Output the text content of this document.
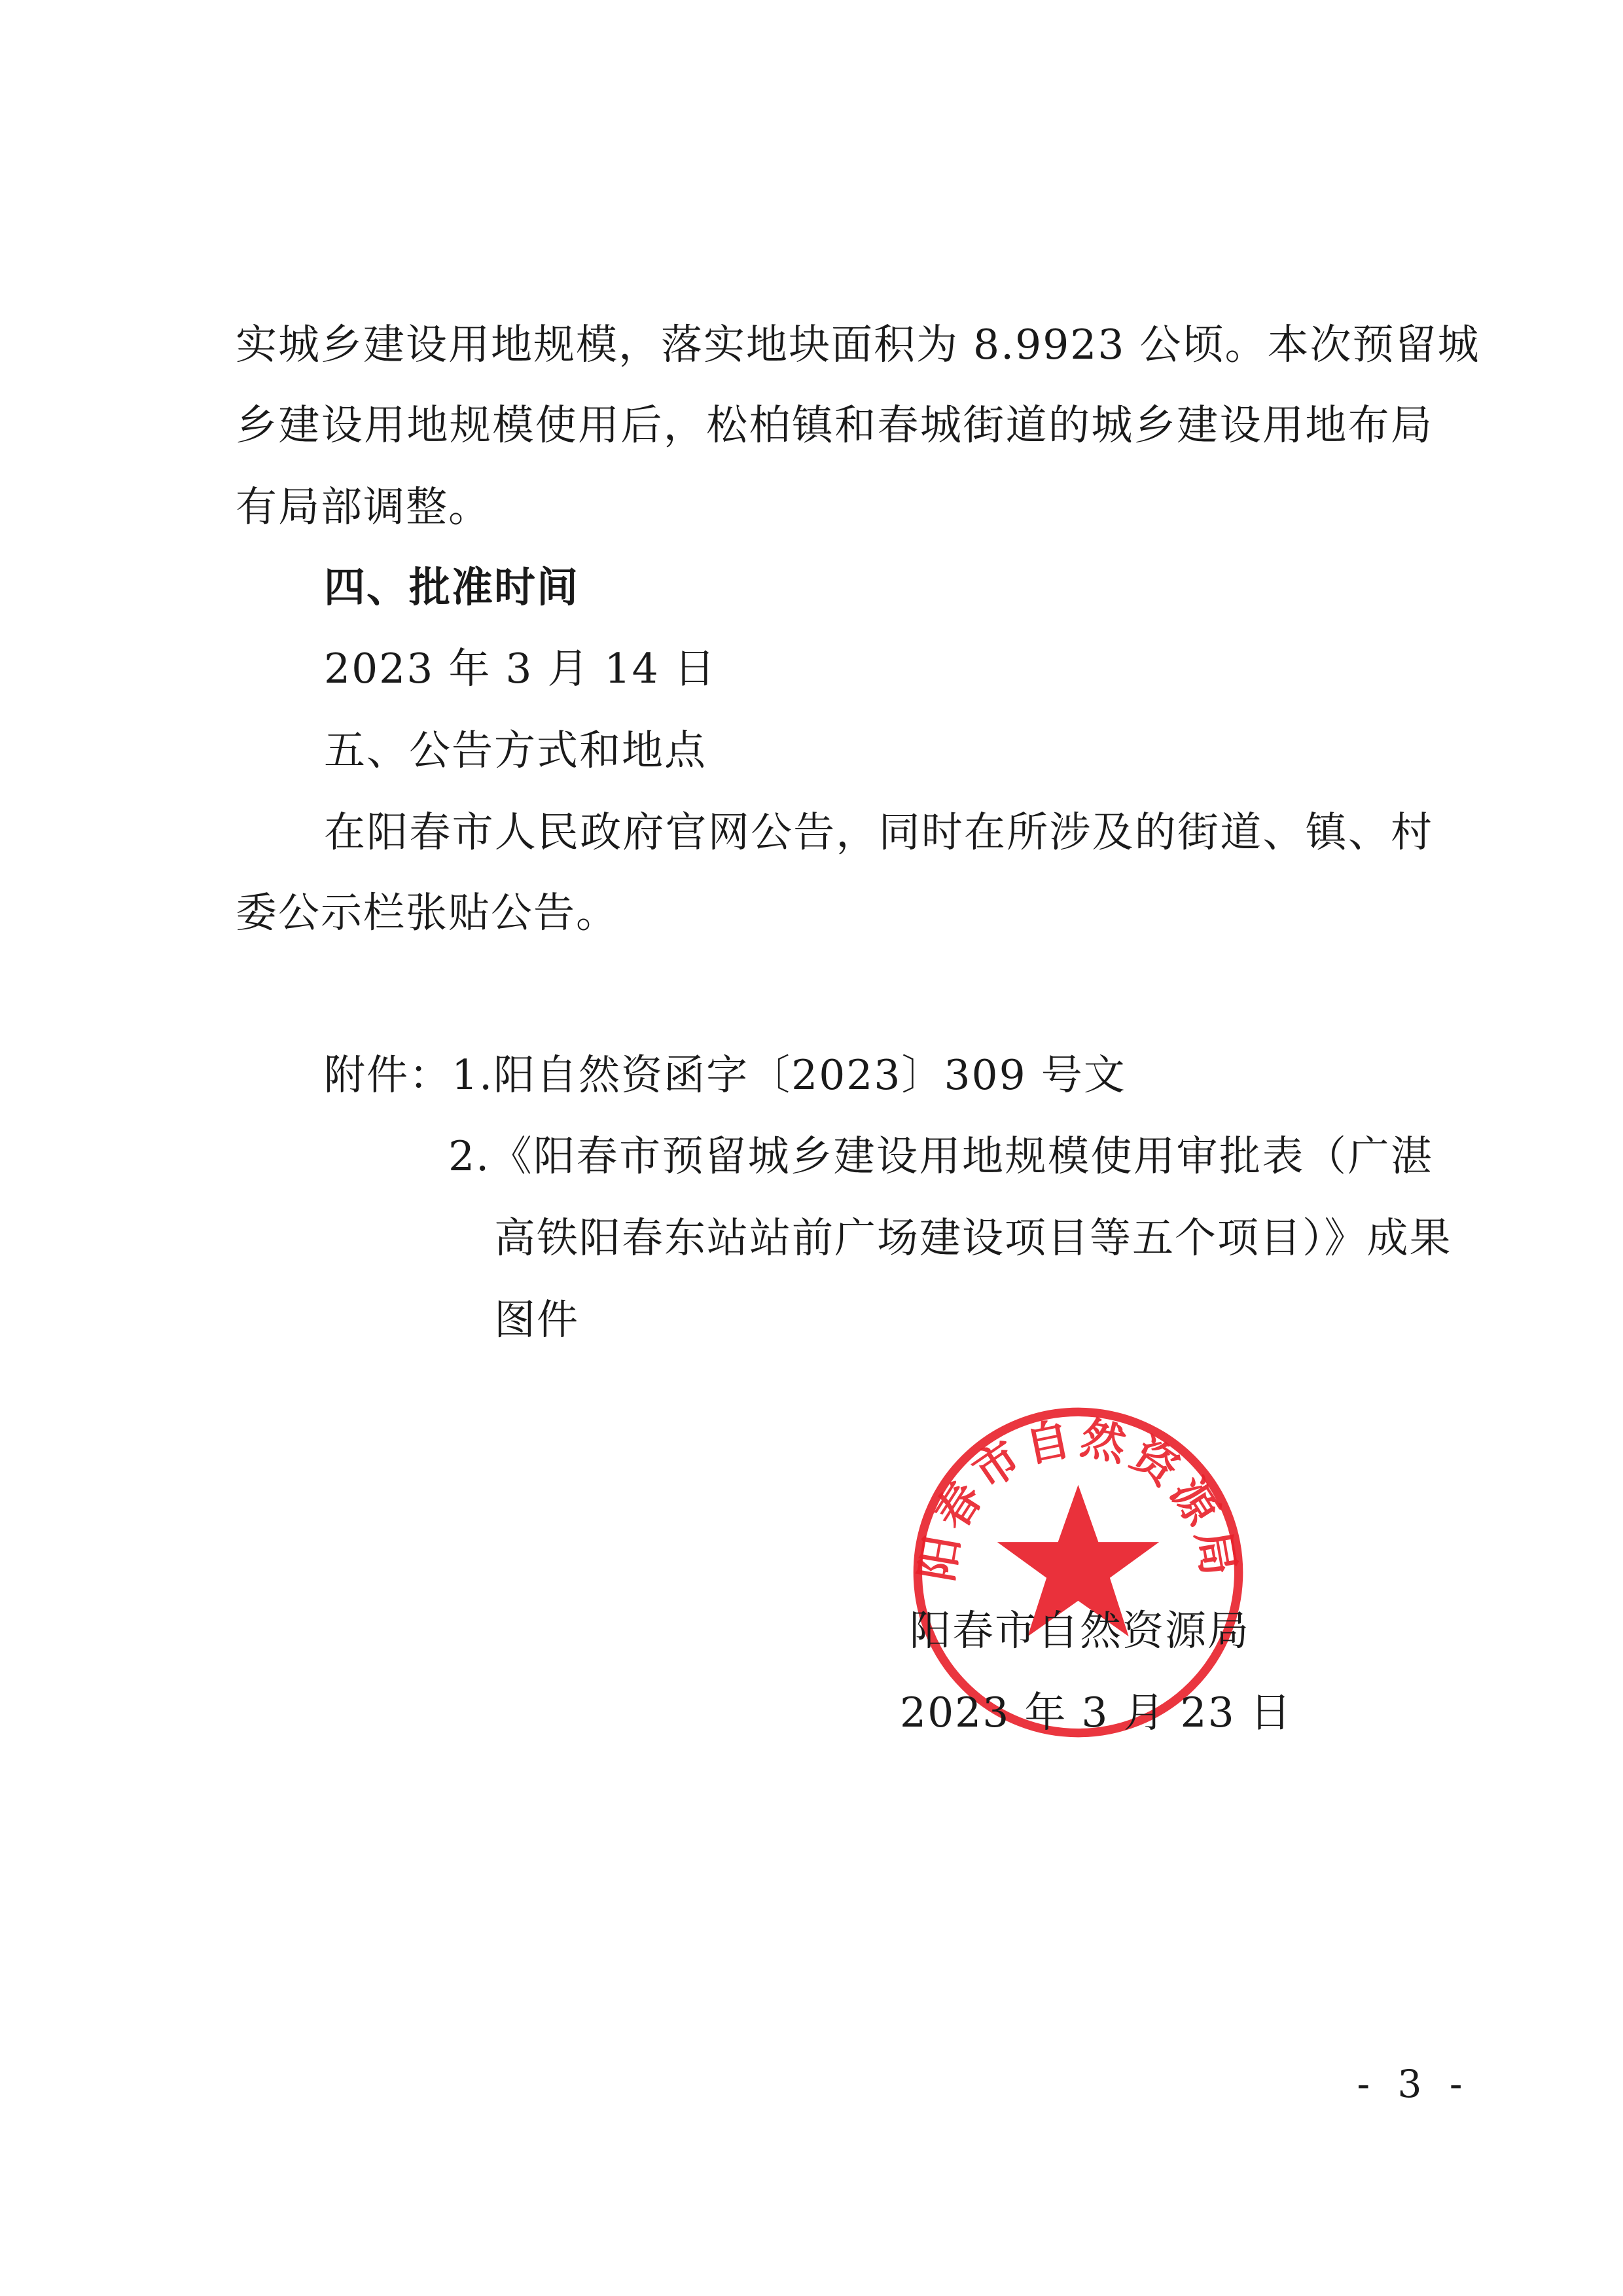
实城乡建设用地规模，落实地块面积为 8.9923 公顷。本次预留城
乡建设用地规模使用后，松柏镇和春城街道的城乡建设用地布局
有局部调整。
四、批准时间
2023 年 3 月 14 日
五、公告方式和地点
在阳春市人民政府官网公告，同时在所涉及的街道、镇、村
委公示栏张贴公告。
附件：1.阳自然资函字〔2023〕309 号文
2.《阳春市预留城乡建设用地规模使用审批表（广湛
高铁阳春东站站前广场建设项目等五个项目）》成果
图件
阳春市自然资源局
阳春市自然资源局
2023 年 3 月 23 日
- 3 -
